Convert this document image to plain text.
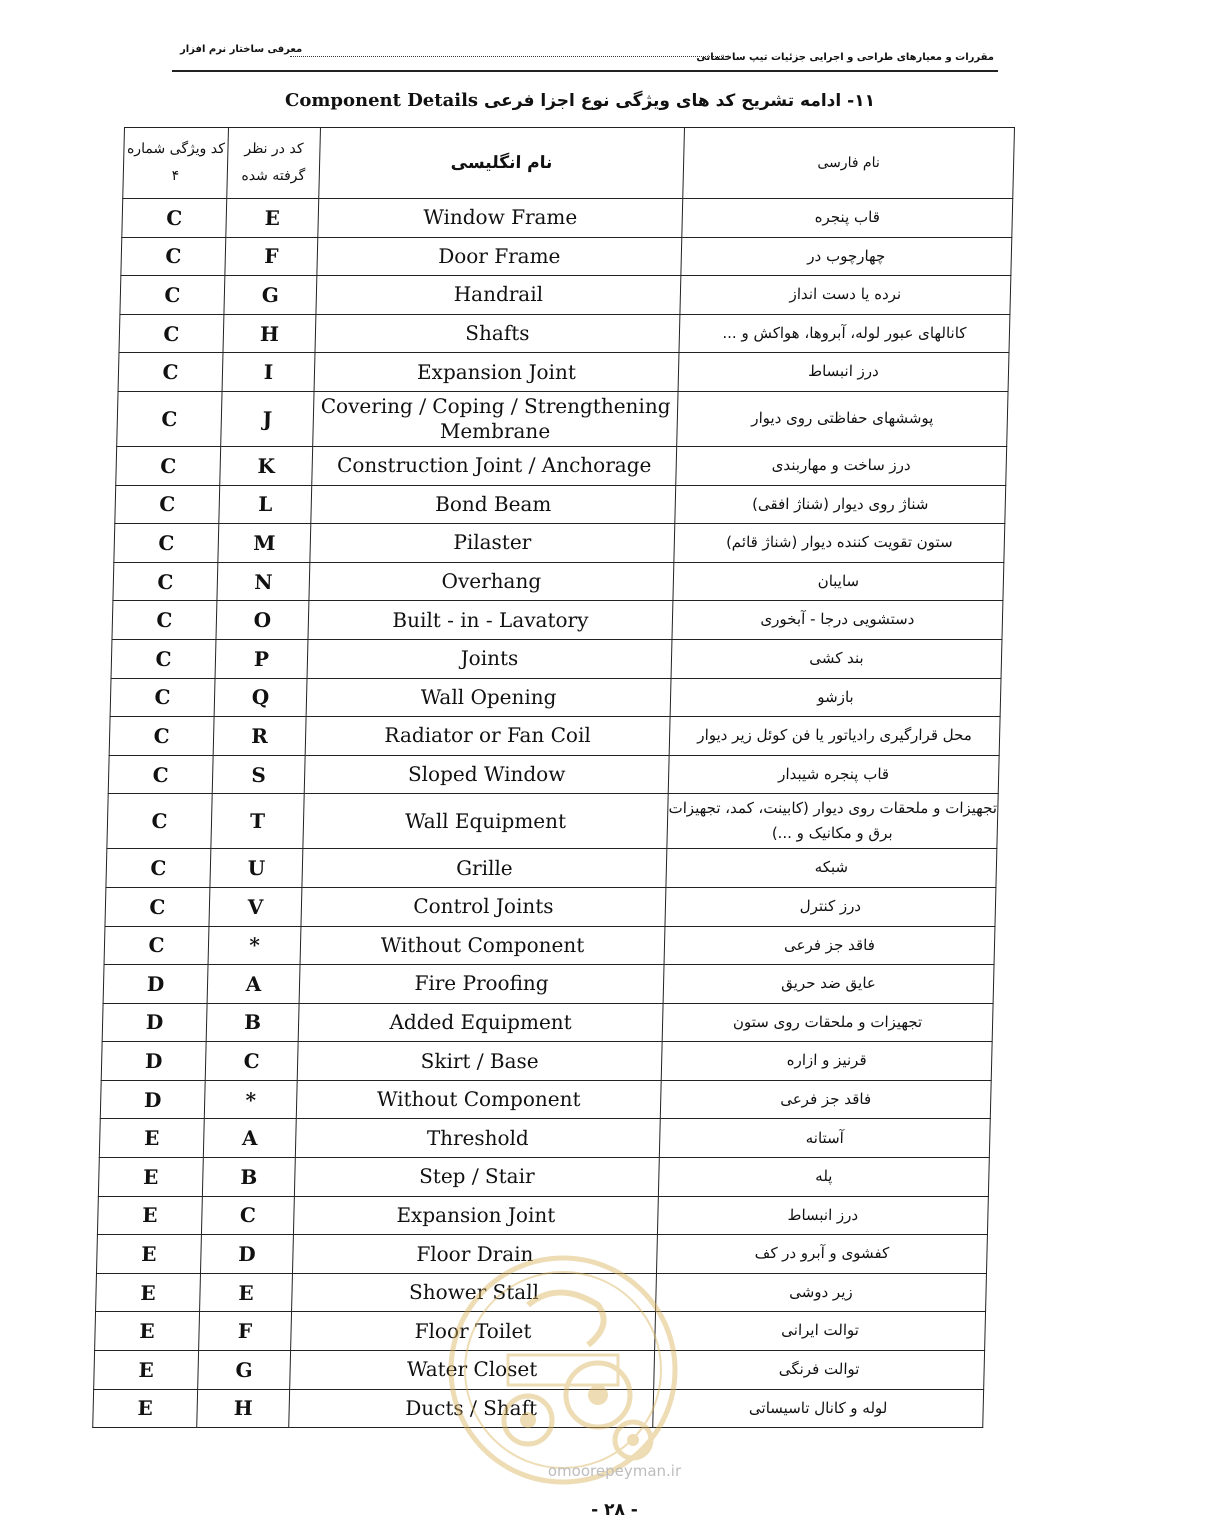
معرفی ساختار نرم افزار
مقررات و معیارهای طراحی و اجرایی جزئیات تیپ ساختمانی
۱۱- ادامه تشریح کد های ویژگی نوع اجزا فرعی Component Details
کد ویژگی شماره ۴	کد در نظر گرفته شده	نام انگلیسی	نام فارسی
C	E	Window Frame	قاب پنجره
C	F	Door Frame	چهارچوب در
C	G	Handrail	نرده یا دست انداز
C	H	Shafts	کانالهای عبور لوله، آبروها، هواکش و ...
C	I	Expansion Joint	درز انبساط
C	J	Covering / Coping / Strengthening Membrane	پوششهای حفاظتی روی دیوار
C	K	Construction Joint / Anchorage	درز ساخت و مهاربندی
C	L	Bond Beam	شناژ روی دیوار (شناژ افقی)
C	M	Pilaster	ستون تقویت کننده دیوار (شناژ قائم)
C	N	Overhang	سایبان
C	O	Built - in - Lavatory	دستشویی درجا - آبخوری
C	P	Joints	بند کشی
C	Q	Wall Opening	بازشو
C	R	Radiator or Fan Coil	محل قرارگیری رادیاتور یا فن کوئل زیر دیوار
C	S	Sloped Window	قاب پنجره شیبدار
C	T	Wall Equipment	تجهیزات و ملحقات روی دیوار (کابینت، کمد، تجهیزات برق و مکانیک و ...)
C	U	Grille	شبکه
C	V	Control Joints	درز کنترل
C	*	Without Component	فاقد جز فرعی
D	A	Fire Proofing	عایق ضد حریق
D	B	Added Equipment	تجهیزات و ملحقات روی ستون
D	C	Skirt / Base	قرنیز و ازاره
D	*	Without Component	فاقد جز فرعی
E	A	Threshold	آستانه
E	B	Step / Stair	پله
E	C	Expansion Joint	درز انبساط
E	D	Floor Drain	کفشوی و آبرو در کف
E	E	Shower Stall	زیر دوشی
E	F	Floor Toilet	توالت ایرانی
E	G	Water Closet	توالت فرنگی
E	H	Ducts / Shaft	لوله و کانال تاسیساتی
omoorepeyman.ir
- ۲۸ -
